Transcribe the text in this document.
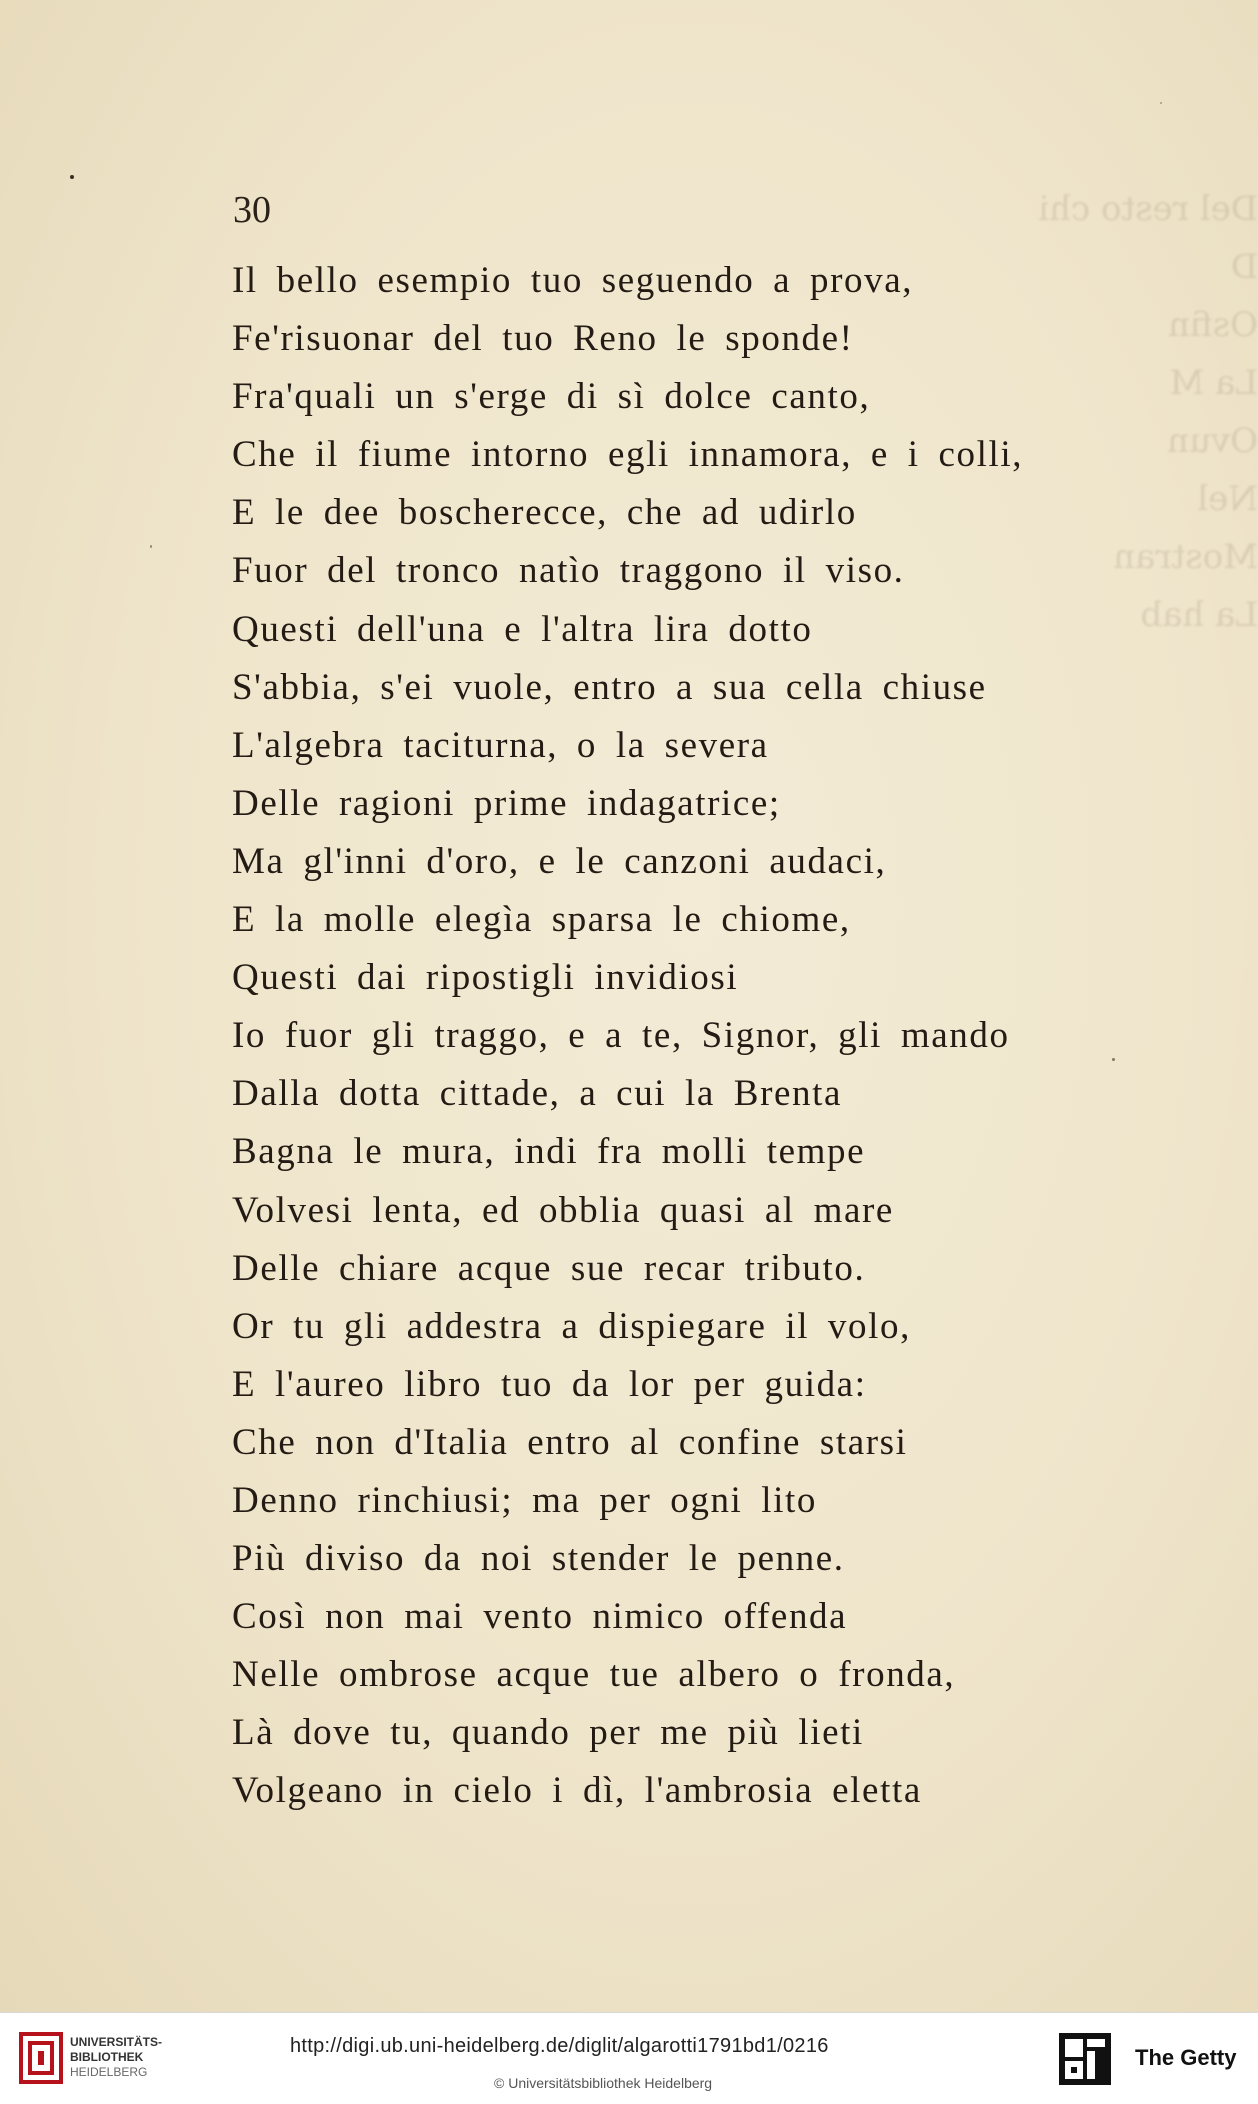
Del resto chi
D
Osfin
La M
Ovun
Nel
Mostran
La hab
30
Il bello esempio tuo seguendo a prova,
Fe'risuonar del tuo Reno le sponde!
Fra'quali un s'erge di sì dolce canto,
Che il fiume intorno egli innamora, e i colli,
E le dee boscherecce, che ad udirlo
Fuor del tronco natìo traggono il viso.
Questi dell'una e l'altra lira dotto
S'abbia, s'ei vuole, entro a sua cella chiuse
L'algebra taciturna, o la severa
Delle ragioni prime indagatrice;
Ma gl'inni d'oro, e le canzoni audaci,
E la molle elegìa sparsa le chiome,
Questi dai ripostigli invidiosi
Io fuor gli traggo, e a te, Signor, gli mando
Dalla dotta cittade, a cui la Brenta
Bagna le mura, indi fra molli tempe
Volvesi lenta, ed obblia quasi al mare
Delle chiare acque sue recar tributo.
Or tu gli addestra a dispiegare il volo,
E l'aureo libro tuo da lor per guida:
Che non d'Italia entro al confine starsi
Denno rinchiusi; ma per ogni lito
Più diviso da noi stender le penne.
Così non mai vento nimico offenda
Nelle ombrose acque tue albero o fronda,
Là dove tu, quando per me più lieti
Volgeano in cielo i dì, l'ambrosia eletta
UNIVERSITÄTS-
BIBLIOTHEK
HEIDELBERG
http://digi.ub.uni-heidelberg.de/diglit/algarotti1791bd1/0216
© Universitätsbibliothek Heidelberg
The Getty
